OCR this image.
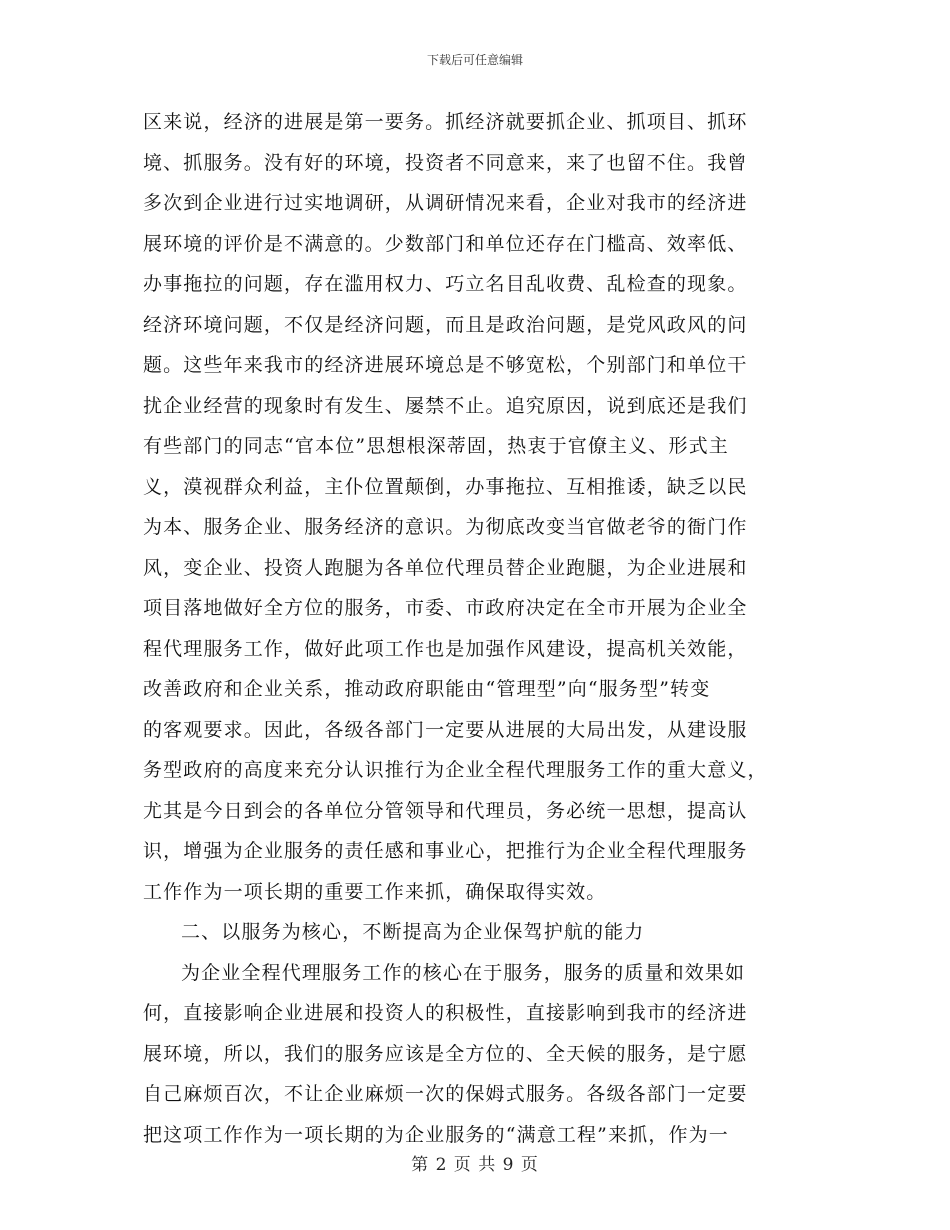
下载后可任意编辑
区来说，经济的进展是第一要务。抓经济就要抓企业、抓项目、抓环
境、抓服务。没有好的环境，投资者不同意来，来了也留不住。我曾
多次到企业进行过实地调研，从调研情况来看，企业对我市的经济进
展环境的评价是不满意的。少数部门和单位还存在门槛高、效率低、
办事拖拉的问题，存在滥用权力、巧立名目乱收费、乱检查的现象。
经济环境问题，不仅是经济问题，而且是政治问题，是党风政风的问
题。这些年来我市的经济进展环境总是不够宽松，个别部门和单位干
扰企业经营的现象时有发生、屡禁不止。追究原因，说到底还是我们
有些部门的同志“官本位”思想根深蒂固，热衷于官僚主义、形式主
义，漠视群众利益，主仆位置颠倒，办事拖拉、互相推诿，缺乏以民
为本、服务企业、服务经济的意识。为彻底改变当官做老爷的衙门作
风，变企业、投资人跑腿为各单位代理员替企业跑腿，为企业进展和
项目落地做好全方位的服务，市委、市政府决定在全市开展为企业全
程代理服务工作，做好此项工作也是加强作风建设，提高机关效能，
改善政府和企业关系，推动政府职能由“管理型”向“服务型”转变
的客观要求。因此，各级各部门一定要从进展的大局出发，从建设服
务型政府的高度来充分认识推行为企业全程代理服务工作的重大意义，
尤其是今日到会的各单位分管领导和代理员，务必统一思想，提高认
识，增强为企业服务的责任感和事业心，把推行为企业全程代理服务
工作作为一项长期的重要工作来抓，确保取得实效。
二、以服务为核心，不断提高为企业保驾护航的能力
为企业全程代理服务工作的核心在于服务，服务的质量和效果如
何，直接影响企业进展和投资人的积极性，直接影响到我市的经济进
展环境，所以，我们的服务应该是全方位的、全天候的服务，是宁愿
自己麻烦百次，不让企业麻烦一次的保姆式服务。各级各部门一定要
把这项工作作为一项长期的为企业服务的“满意工程”来抓，作为一
第 2 页 共 9 页
